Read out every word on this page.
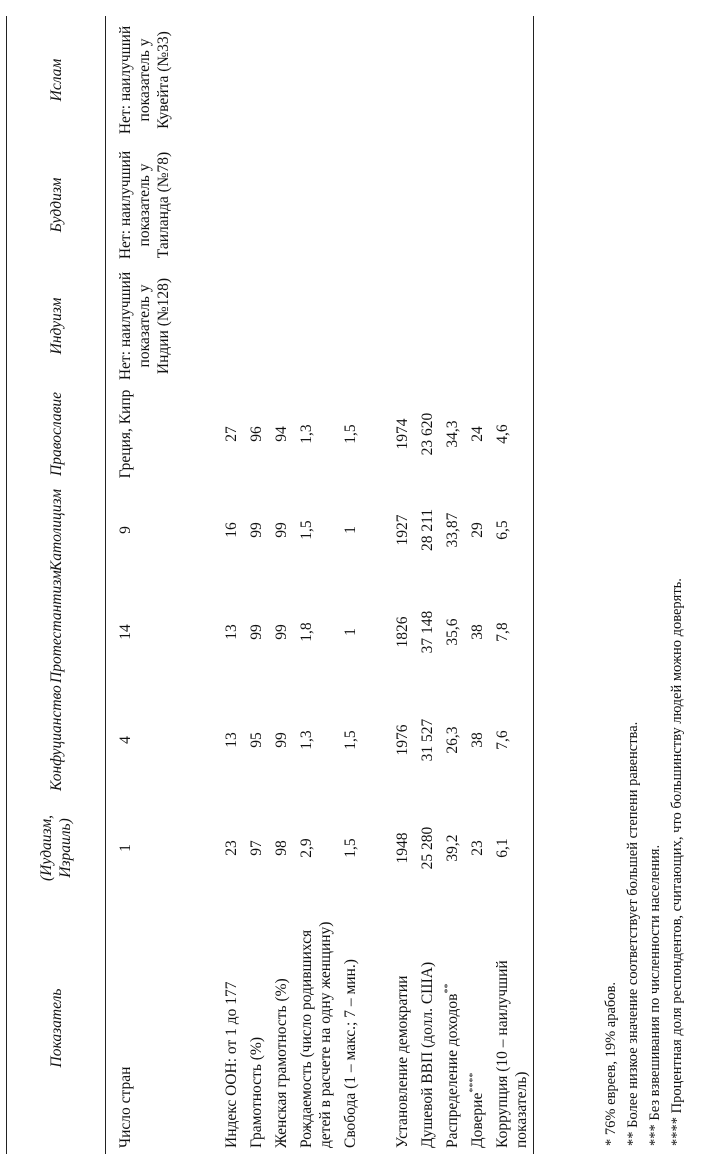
Показатель	(Иудаизм, Израиль)	Конфуцианство	Протестантизм	Католицизм	Православие	Индуизм	Буддизм	Ислам
Число стран	1	4	14	9	Греция, Кипр	Нет: наилучший показатель у Индии (№128)	Нет: наилучший показатель у Таиланда (№78)	Нет: наилучший показатель у Кувейта (№33)
Индекс ООН: от 1 до 177	23	13	13	16	27			
Грамотность (%)	97	95	99	99	96			
Женская грамотность (%)	98	99	99	99	94			
Рождаемость (число родившихся детей в расчете на одну женщину)	2,9	1,3	1,8	1,5	1,3			
Свобода (1 – макс.; 7 – мин.)	1,5	1,5	1	1	1,5			
Установление демократии	1948	1976	1826	1927	1974			
Душевой ВВП (долл. США)	25 280	31 527	37 148	28 211	23 620			
Распределение доходов**	39,2	26,3	35,6	33,87	34,3			
Доверие****	23	38	38	29	24			
Коррупция (10 – наилучший показатель)	6,1	7,6	7,8	6,5	4,6			
* 76% евреев, 19% арабов. ** Более низкое значение соответствует большей степени равенства. *** Без взвешивания по численности населения. **** Процентная доля респондентов, считающих, что большинству людей можно доверять.
